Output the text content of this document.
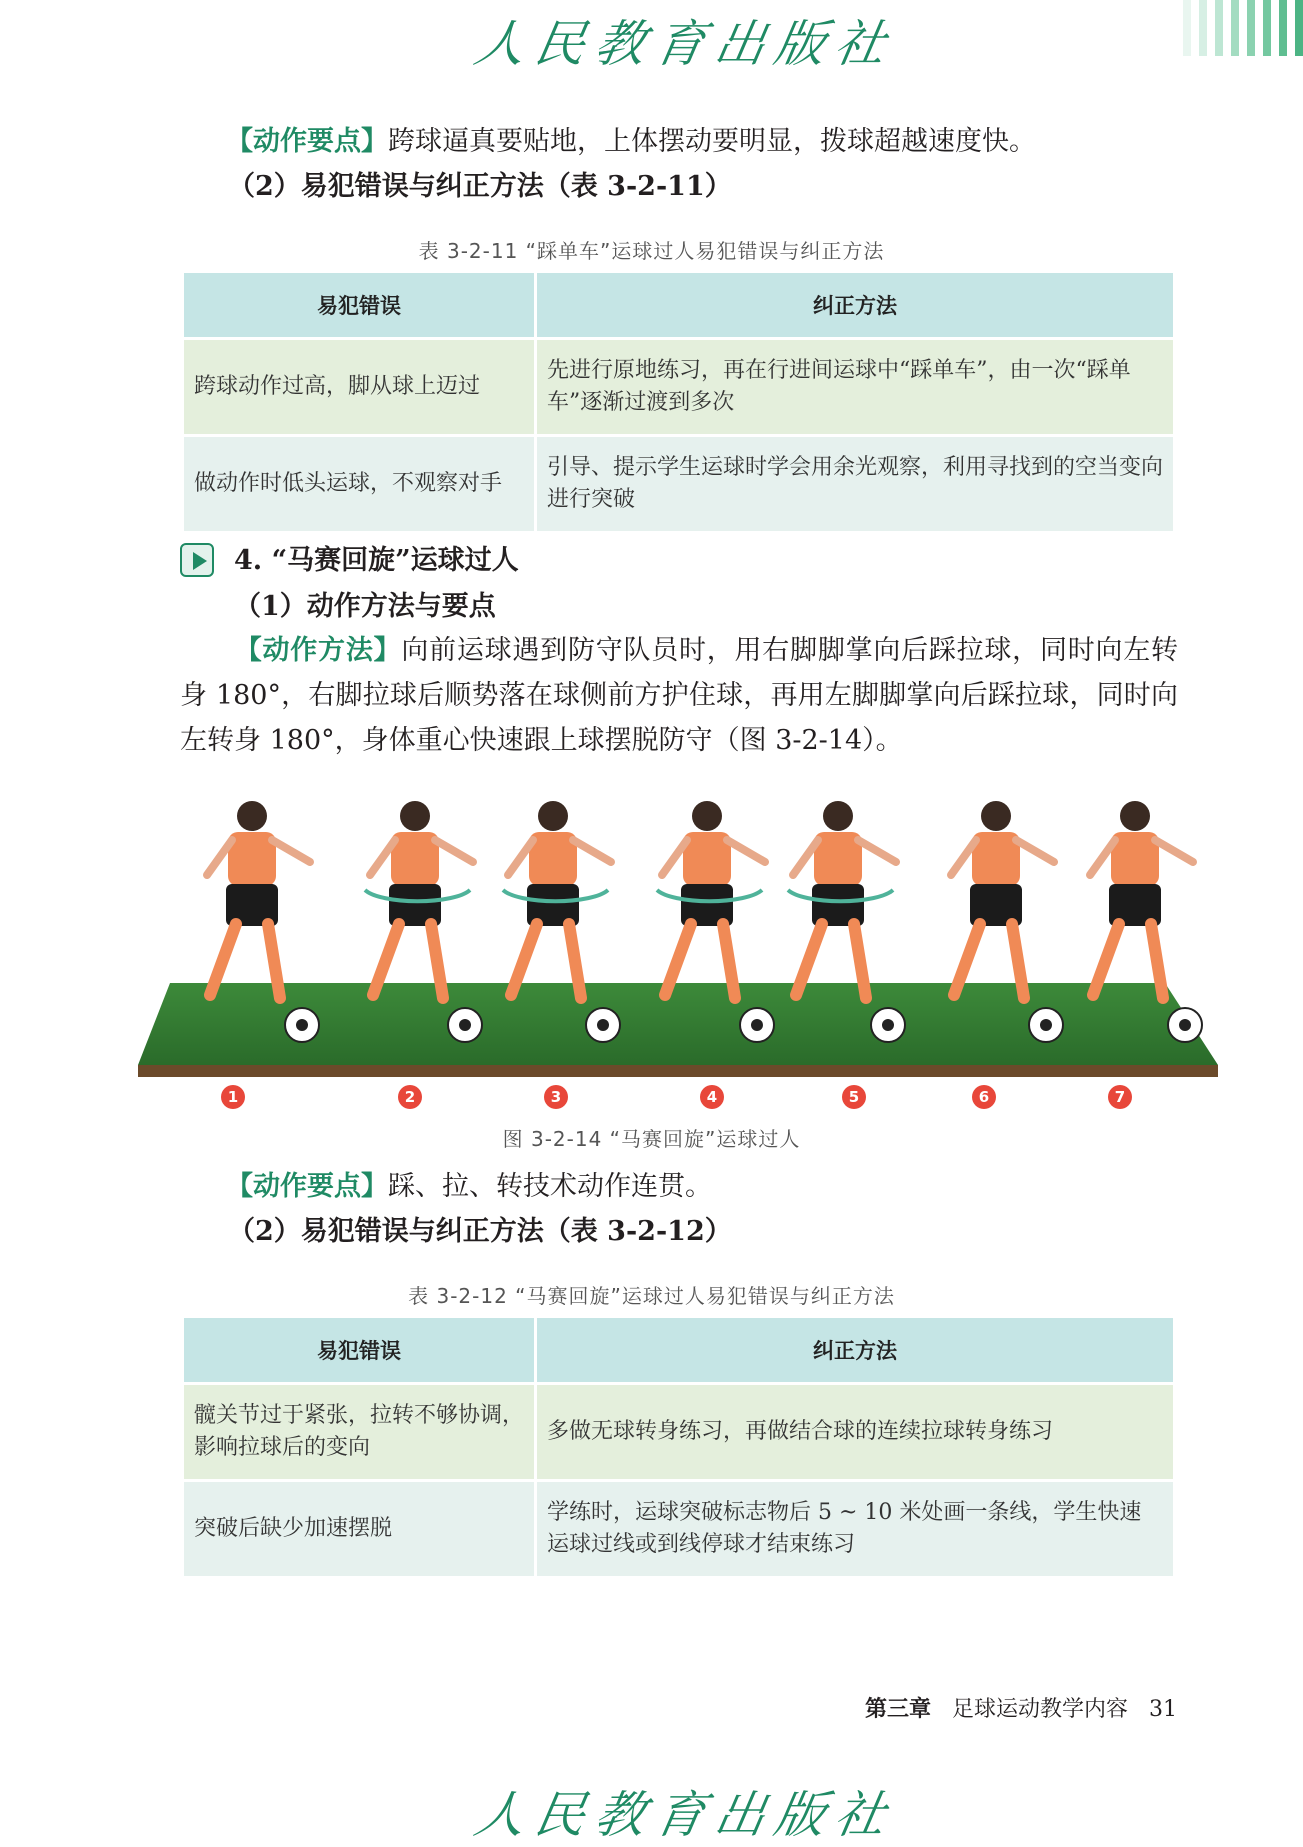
人民教育出版社
【动作要点】跨球逼真要贴地，上体摆动要明显，拨球超越速度快。
（2）易犯错误与纠正方法（表 3-2-11）
表 3-2-11 “踩单车”运球过人易犯错误与纠正方法
易犯错误	纠正方法
跨球动作过高，脚从球上迈过	先进行原地练习，再在行进间运球中“踩单车”，由一次“踩单车”逐渐过渡到多次
做动作时低头运球，不观察对手	引导、提示学生运球时学会用余光观察，利用寻找到的空当变向进行突破
4. “马赛回旋”运球过人
（1）动作方法与要点
【动作方法】向前运球遇到防守队员时，用右脚脚掌向后踩拉球，同时向左转身 180°，右脚拉球后顺势落在球侧前方护住球，再用左脚脚掌向后踩拉球，同时向左转身 180°，身体重心快速跟上球摆脱防守（图 3-2-14）。
1	2	3	4	5	6	7
图 3-2-14 “马赛回旋”运球过人
【动作要点】踩、拉、转技术动作连贯。
（2）易犯错误与纠正方法（表 3-2-12）
表 3-2-12 “马赛回旋”运球过人易犯错误与纠正方法
易犯错误	纠正方法
髋关节过于紧张，拉转不够协调，影响拉球后的变向	多做无球转身练习，再做结合球的连续拉球转身练习
突破后缺少加速摆脱	学练时，运球突破标志物后 5 ~ 10 米处画一条线，学生快速运球过线或到线停球才结束练习
第三章 足球运动教学内容 31
人民教育出版社
